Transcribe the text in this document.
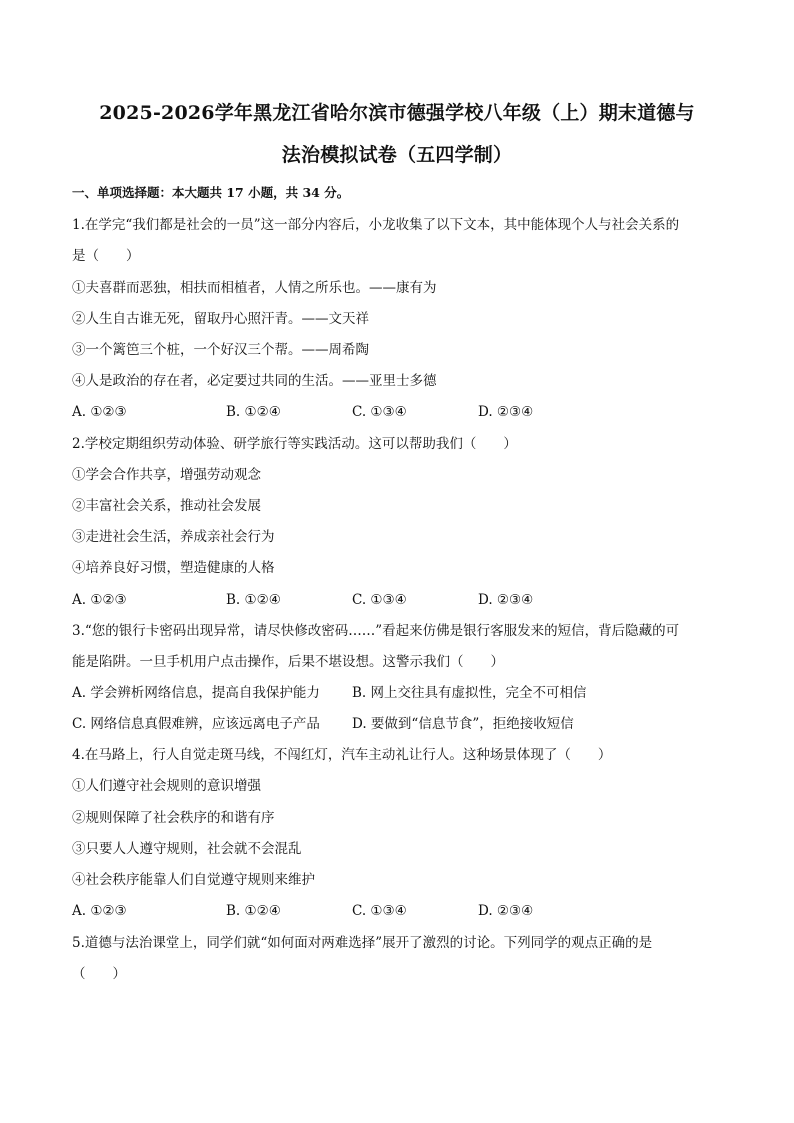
2025-2026学年黑龙江省哈尔滨市德强学校八年级（上）期末道德与
法治模拟试卷（五四学制）
一、单项选择题：本大题共 17 小题，共 34 分。
1.在学完“我们都是社会的一员”这一部分内容后，小龙收集了以下文本，其中能体现个人与社会关系的
是（　　）
①夫喜群而恶独，相扶而相植者，人情之所乐也。——康有为
②人生自古谁无死，留取丹心照汗青。——文天祥
③一个篱笆三个桩，一个好汉三个帮。——周希陶
④人是政治的存在者，必定要过共同的生活。——亚里士多德
A. ①②③	B. ①②④	C. ①③④	D. ②③④
2.学校定期组织劳动体验、研学旅行等实践活动。这可以帮助我们（　　）
①学会合作共享，增强劳动观念
②丰富社会关系，推动社会发展
③走进社会生活，养成亲社会行为
④培养良好习惯，塑造健康的人格
A. ①②③	B. ①②④	C. ①③④	D. ②③④
3.“您的银行卡密码出现异常，请尽快修改密码……”看起来仿佛是银行客服发来的短信，背后隐藏的可
能是陷阱。一旦手机用户点击操作，后果不堪设想。这警示我们（　　）
A. 学会辨析网络信息，提高自我保护能力 B. 网上交往具有虚拟性，完全不可相信
C. 网络信息真假难辨，应该远离电子产品 D. 要做到“信息节食”，拒绝接收短信
4.在马路上，行人自觉走斑马线，不闯红灯，汽车主动礼让行人。这种场景体现了（　　）
①人们遵守社会规则的意识增强
②规则保障了社会秩序的和谐有序
③只要人人遵守规则，社会就不会混乱
④社会秩序能靠人们自觉遵守规则来维护
A. ①②③	B. ①②④	C. ①③④	D. ②③④
5.道德与法治课堂上，同学们就“如何面对两难选择”展开了激烈的讨论。下列同学的观点正确的是
（　　）
